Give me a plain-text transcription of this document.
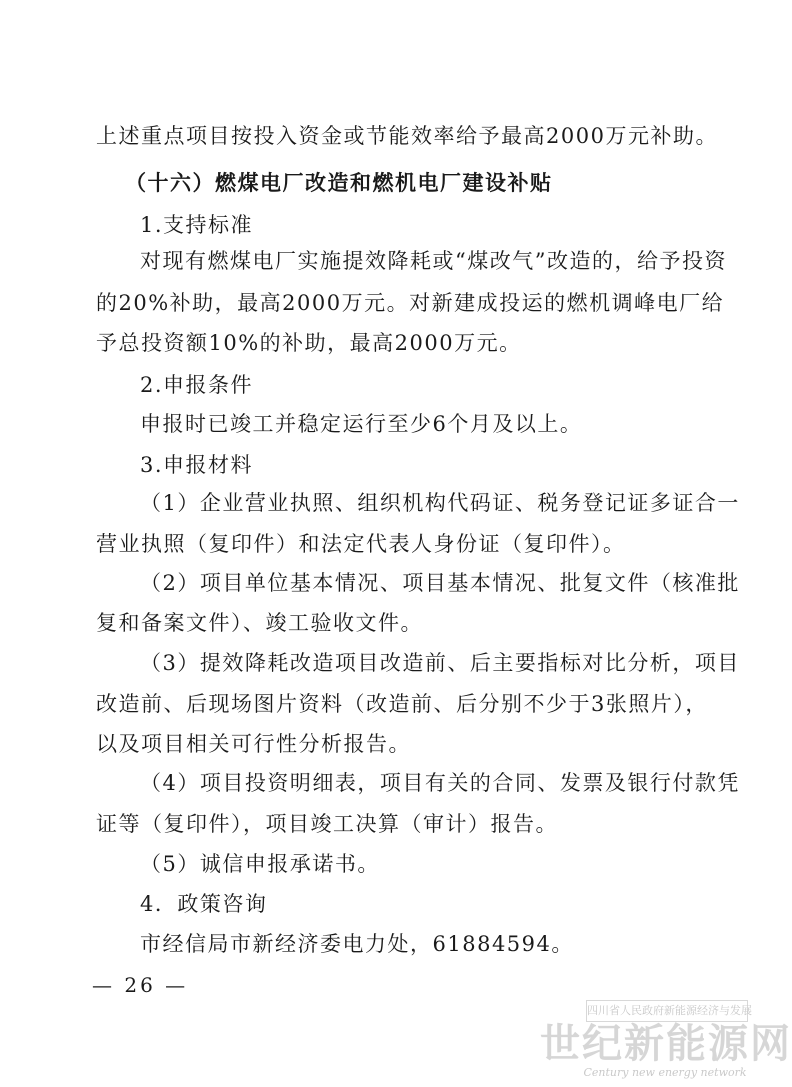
上述重点项目按投入资金或节能效率给予最高2000万元补助。
（十六）燃煤电厂改造和燃机电厂建设补贴
1.支持标准
对现有燃煤电厂实施提效降耗或“煤改气”改造的，给予投资
的20%补助，最高2000万元。对新建成投运的燃机调峰电厂给
予总投资额10%的补助，最高2000万元。
2.申报条件
申报时已竣工并稳定运行至少6个月及以上。
3.申报材料
（1）企业营业执照、组织机构代码证、税务登记证多证合一
营业执照（复印件）和法定代表人身份证（复印件）。
（2）项目单位基本情况、项目基本情况、批复文件（核准批
复和备案文件）、竣工验收文件。
（3）提效降耗改造项目改造前、后主要指标对比分析，项目
改造前、后现场图片资料（改造前、后分别不少于3张照片），
以及项目相关可行性分析报告。
（4）项目投资明细表，项目有关的合同、发票及银行付款凭
证等（复印件），项目竣工决算（审计）报告。
（5）诚信申报承诺书。
4．政策咨询
市经信局市新经济委电力处，61884594。
— 26 —
四川省人民政府新能源经济与发展
世纪新能源网
Century new energy network
